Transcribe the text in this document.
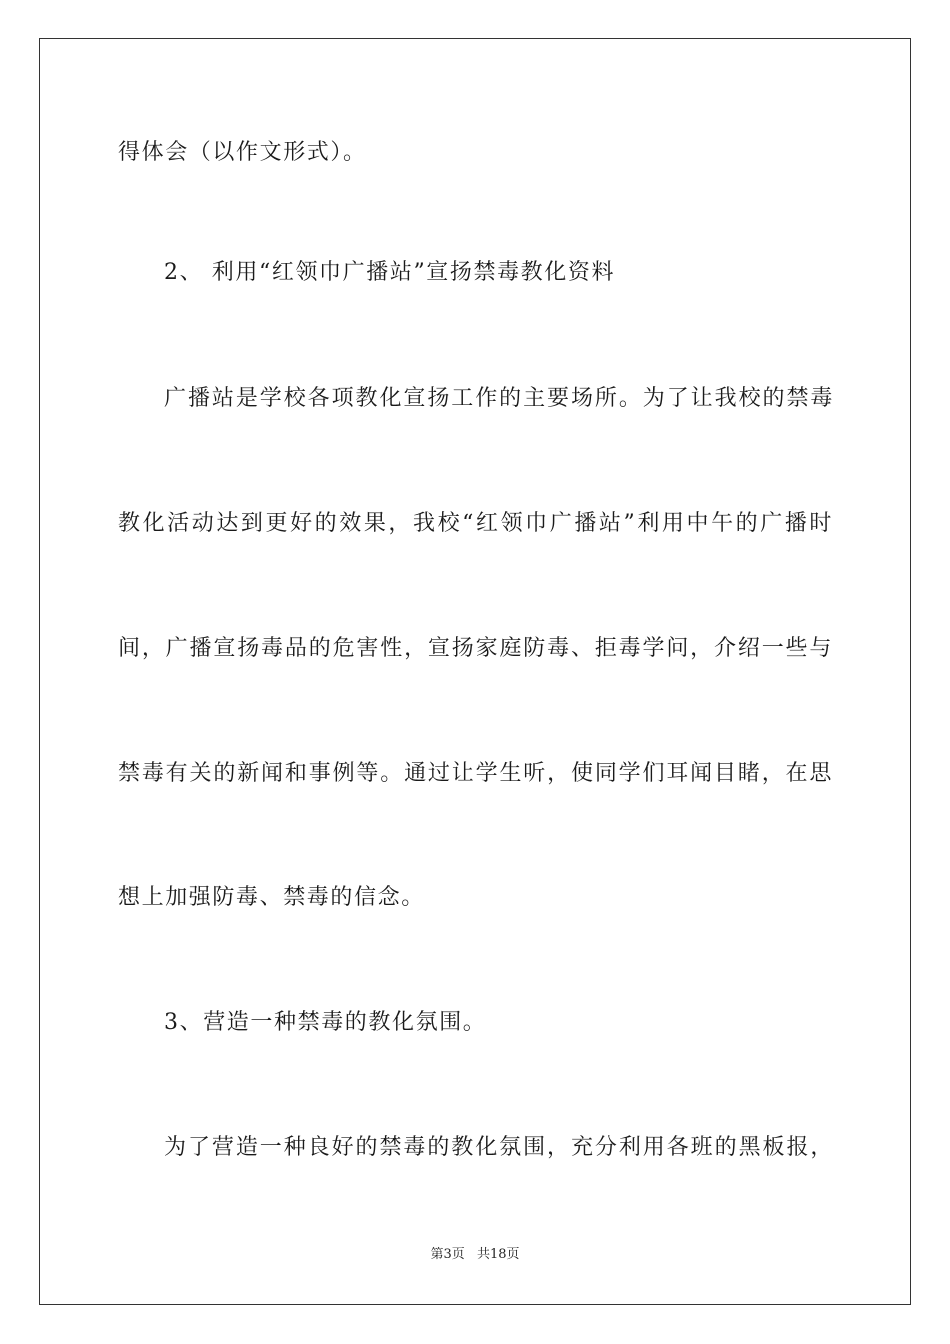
得体会（以作文形式）。
2、 利用“红领巾广播站”宣扬禁毒教化资料
广播站是学校各项教化宣扬工作的主要场所。为了让我校的禁毒
教化活动达到更好的效果，我校“红领巾广播站”利用中午的广播时
间，广播宣扬毒品的危害性，宣扬家庭防毒、拒毒学问，介绍一些与
禁毒有关的新闻和事例等。通过让学生听，使同学们耳闻目睹，在思
想上加强防毒、禁毒的信念。
3、营造一种禁毒的教化氛围。
为了营造一种良好的禁毒的教化氛围，充分利用各班的黑板报，
第3页 共18页
